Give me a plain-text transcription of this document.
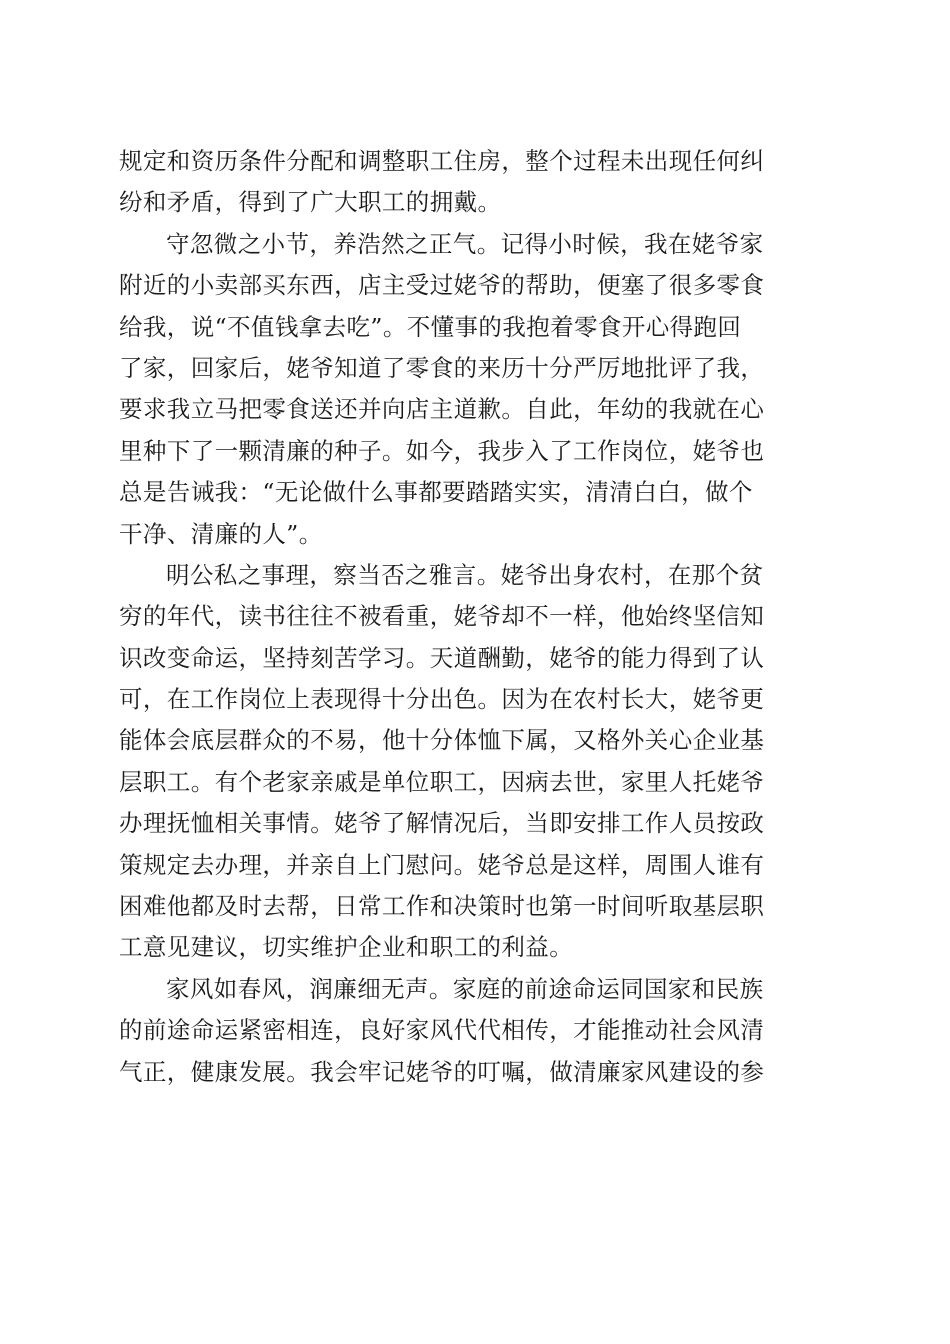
规定和资历条件分配和调整职工住房，整个过程未出现任何纠
纷和矛盾，得到了广大职工的拥戴。
守忽微之小节，养浩然之正气。记得小时候，我在姥爷家
附近的小卖部买东西，店主受过姥爷的帮助，便塞了很多零食
给我，说“不值钱拿去吃”。不懂事的我抱着零食开心得跑回
了家，回家后，姥爷知道了零食的来历十分严厉地批评了我，
要求我立马把零食送还并向店主道歉。自此，年幼的我就在心
里种下了一颗清廉的种子。如今，我步入了工作岗位，姥爷也
总是告诫我：“无论做什么事都要踏踏实实，清清白白，做个
干净、清廉的人”。
明公私之事理，察当否之雅言。姥爷出身农村，在那个贫
穷的年代，读书往往不被看重，姥爷却不一样，他始终坚信知
识改变命运，坚持刻苦学习。天道酬勤，姥爷的能力得到了认
可，在工作岗位上表现得十分出色。因为在农村长大，姥爷更
能体会底层群众的不易，他十分体恤下属，又格外关心企业基
层职工。有个老家亲戚是单位职工，因病去世，家里人托姥爷
办理抚恤相关事情。姥爷了解情况后，当即安排工作人员按政
策规定去办理，并亲自上门慰问。姥爷总是这样，周围人谁有
困难他都及时去帮，日常工作和决策时也第一时间听取基层职
工意见建议，切实维护企业和职工的利益。
家风如春风，润廉细无声。家庭的前途命运同国家和民族
的前途命运紧密相连，良好家风代代相传，才能推动社会风清
气正，健康发展。我会牢记姥爷的叮嘱，做清廉家风建设的参
